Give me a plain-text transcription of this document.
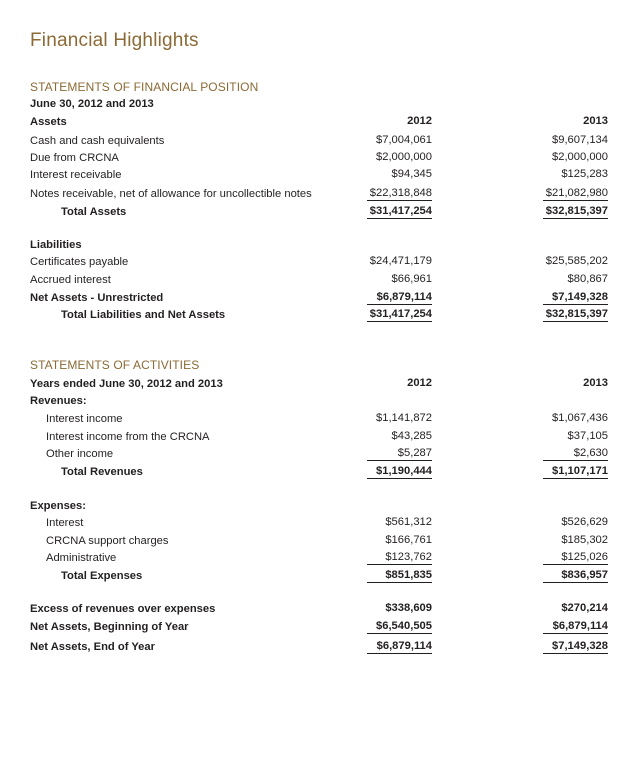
Financial Highlights
STATEMENTS OF FINANCIAL POSITION
June 30, 2012 and 2013
Assets	2012	2013
Cash and cash equivalents	$7,004,061	$9,607,134
Due from CRCNA	$2,000,000	$2,000,000
Interest receivable	$94,345	$125,283
Notes receivable, net of allowance for uncollectible notes	$22,318,848	$21,082,980
Total Assets	$31,417,254	$32,815,397
Liabilities
Certificates payable	$24,471,179	$25,585,202
Accrued interest	$66,961	$80,867
Net Assets - Unrestricted	$6,879,114	$7,149,328
Total Liabilities and Net Assets	$31,417,254	$32,815,397
STATEMENTS OF ACTIVITIES
Years ended June 30, 2012 and 2013	2012	2013
Revenues:
Interest income	$1,141,872	$1,067,436
Interest income from the CRCNA	$43,285	$37,105
Other income	$5,287	$2,630
Total Revenues	$1,190,444	$1,107,171
Expenses:
Interest	$561,312	$526,629
CRCNA support charges	$166,761	$185,302
Administrative	$123,762	$125,026
Total Expenses	$851,835	$836,957
Excess of revenues over expenses	$338,609	$270,214
Net Assets, Beginning of Year	$6,540,505	$6,879,114
Net Assets, End of Year	$6,879,114	$7,149,328
